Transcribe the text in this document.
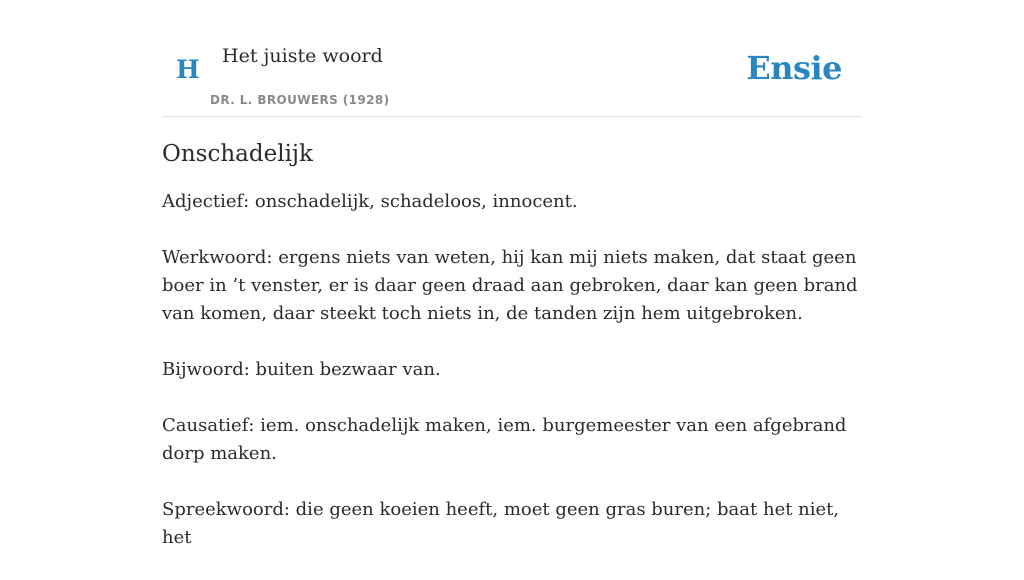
H Het juiste woord
DR. L. BROUWERS (1928)
Ensie
Onschadelijk

Adjectief: onschadelijk, schadeloos, innocent.

Werkwoord: ergens niets van weten, hij kan mij niets maken, dat staat geen boer in ’t venster, er is daar geen draad aan gebroken, daar kan geen brand van komen, daar steekt toch niets in, de tanden zijn hem uitgebroken.

Bijwoord: buiten bezwaar van.

Causatief: iem. onschadelijk maken, iem. burgemeester van een afgebrand dorp maken.

Spreekwoord: die geen koeien heeft, moet geen gras buren; baat het niet, het
